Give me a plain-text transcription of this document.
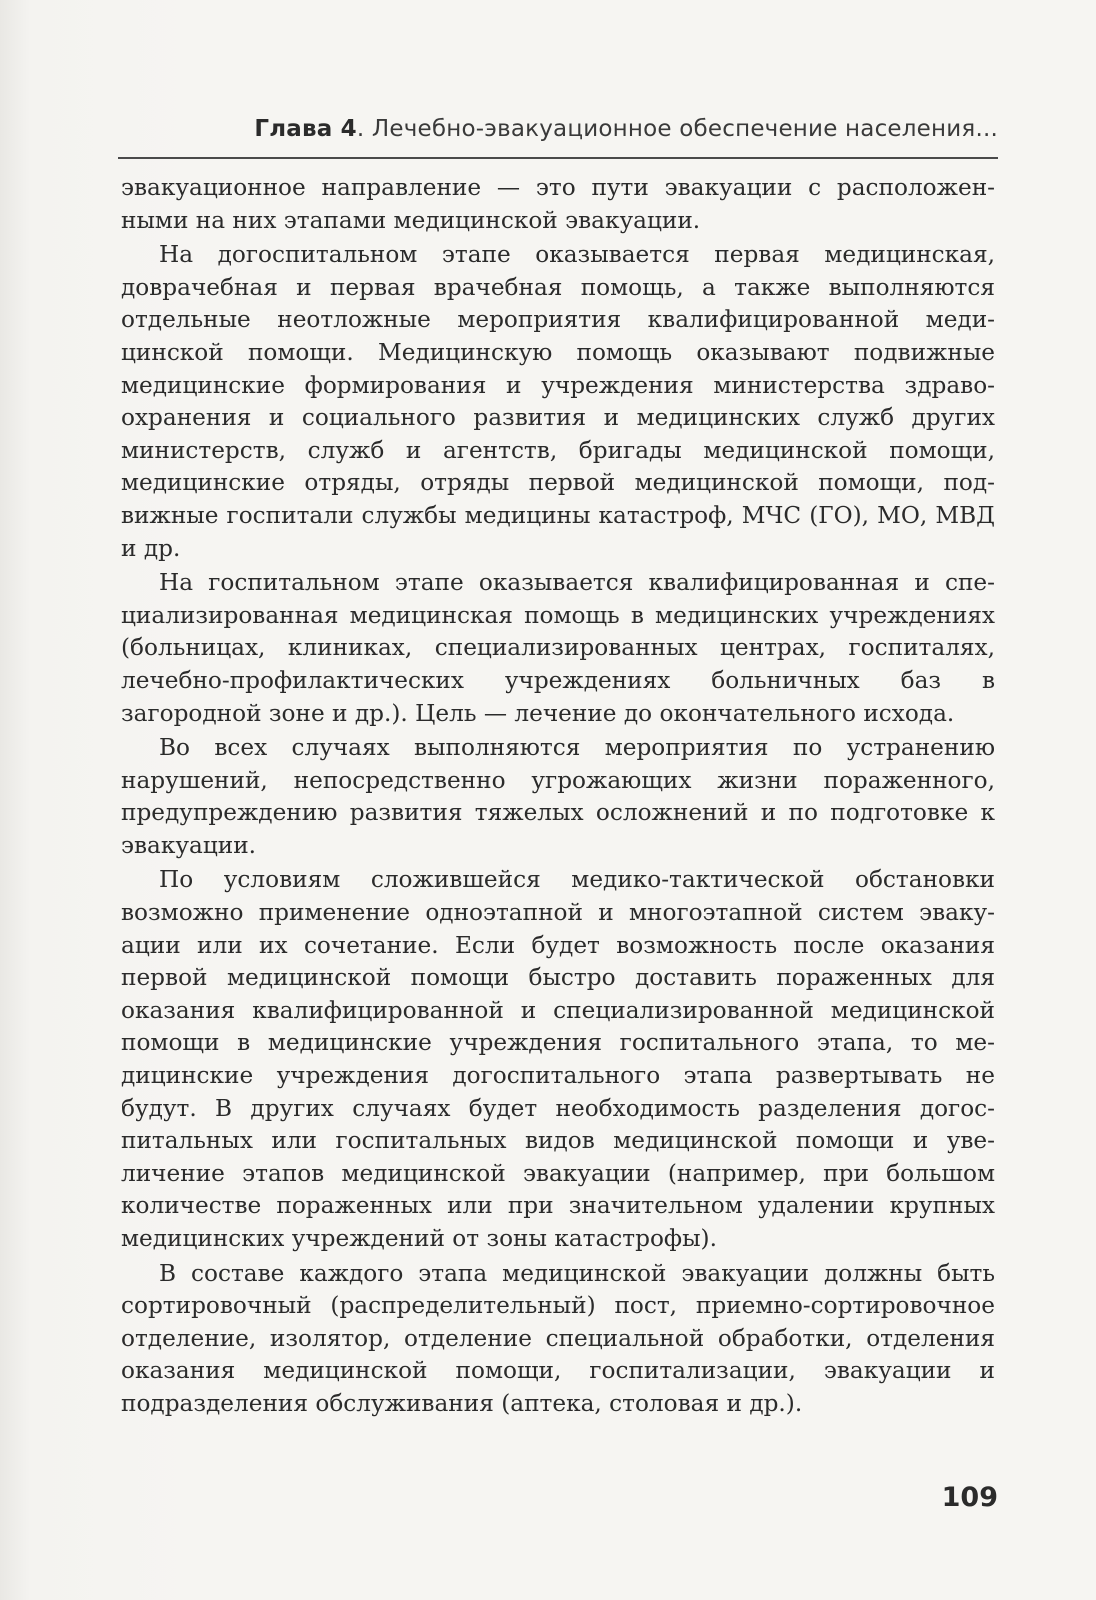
Глава 4. Лечебно-эвакуационное обеспечение населения...

эвакуационное направление — это пути эвакуации с расположенными на них этапами медицинской эвакуации.

На догоспитальном этапе оказывается первая медицинская, доврачебная и первая врачебная помощь, а также выполняются отдельные неотложные мероприятия квалифицированной медицинской помощи. Медицинскую помощь оказывают подвижные медицинские формирования и учреждения министерства здравоохранения и социального развития и медицинских служб других министерств, служб и агентств, бригады медицинской помощи, медицинские отряды, отряды первой медицинской помощи, подвижные госпитали службы медицины катастроф, МЧС (ГО), МО, МВД и др.

На госпитальном этапе оказывается квалифицированная и специализированная медицинская помощь в медицинских учреждениях (больницах, клиниках, специализированных центрах, госпиталях, лечебно-профилактических учреждениях больничных баз в загородной зоне и др.). Цель — лечение до окончательного исхода.

Во всех случаях выполняются мероприятия по устранению нарушений, непосредственно угрожающих жизни пораженного, предупреждению развития тяжелых осложнений и по подготовке к эвакуации.

По условиям сложившейся медико-тактической обстановки возможно применение одноэтапной и многоэтапной систем эвакуации или их сочетание. Если будет возможность после оказания первой медицинской помощи быстро доставить пораженных для оказания квалифицированной и специализированной медицинской помощи в медицинские учреждения госпитального этапа, то медицинские учреждения догоспитального этапа развертывать не будут. В других случаях будет необходимость разделения догоспитальных или госпитальных видов медицинской помощи и увеличение этапов медицинской эвакуации (например, при большом количестве пораженных или при значительном удалении крупных медицинских учреждений от зоны катастрофы).

В составе каждого этапа медицинской эвакуации должны быть сортировочный (распределительный) пост, приемно-сортировочное отделение, изолятор, отделение специальной обработки, отделения оказания медицинской помощи, госпитализации, эвакуации и подразделения обслуживания (аптека, столовая и др.).

109
